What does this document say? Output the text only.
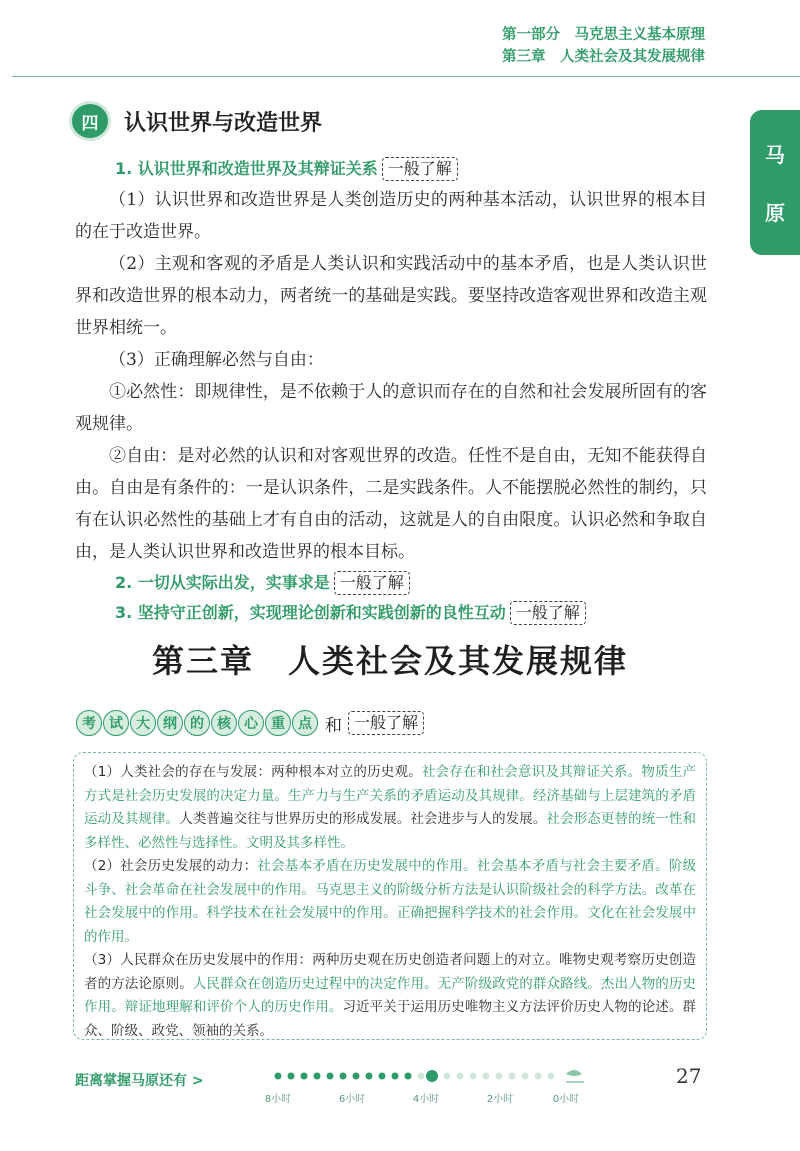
第一部分　马克思主义基本原理
第三章　人类社会及其发展规律
马
原
四	认识世界与改造世界
1. 认识世界和改造世界及其辩证关系 一般了解

（1）认识世界和改造世界是人类创造历史的两种基本活动，认识世界的根本目的在于改造世界。

（2）主观和客观的矛盾是人类认识和实践活动中的基本矛盾，也是人类认识世界和改造世界的根本动力，两者统一的基础是实践。要坚持改造客观世界和改造主观世界相统一。

（3）正确理解必然与自由：

①必然性：即规律性，是不依赖于人的意识而存在的自然和社会发展所固有的客观规律。

②自由：是对必然的认识和对客观世界的改造。任性不是自由，无知不能获得自由。自由是有条件的：一是认识条件，二是实践条件。人不能摆脱必然性的制约，只有在认识必然性的基础上才有自由的活动，这就是人的自由限度。认识必然和争取自由，是人类认识世界和改造世界的根本目标。

2. 一切从实际出发，实事求是 一般了解
3. 坚持守正创新，实现理论创新和实践创新的良性互动 一般了解
第三章　人类社会及其发展规律
考 试 大 纲 的 核 心 重 点 和 一般了解

（1）人类社会的存在与发展：两种根本对立的历史观。社会存在和社会意识及其辩证关系。物质生产方式是社会历史发展的决定力量。生产力与生产关系的矛盾运动及其规律。经济基础与上层建筑的矛盾运动及其规律。人类普遍交往与世界历史的形成发展。社会进步与人的发展。社会形态更替的统一性和多样性、必然性与选择性。文明及其多样性。

（2）社会历史发展的动力：社会基本矛盾在历史发展中的作用。社会基本矛盾与社会主要矛盾。阶级斗争、社会革命在社会发展中的作用。马克思主义的阶级分析方法是认识阶级社会的科学方法。改革在社会发展中的作用。科学技术在社会发展中的作用。正确把握科学技术的社会作用。文化在社会发展中的作用。

（3）人民群众在历史发展中的作用：两种历史观在历史创造者问题上的对立。唯物史观考察历史创造者的方法论原则。人民群众在创造历史过程中的决定作用。无产阶级政党的群众路线。杰出人物的历史作用。辩证地理解和评价个人的历史作用。习近平关于运用历史唯物主义方法评价历史人物的论述。群众、阶级、政党、领袖的关系。

距离掌握马原还有 >
8小时	6小时	4小时	2小时	0小时
27
